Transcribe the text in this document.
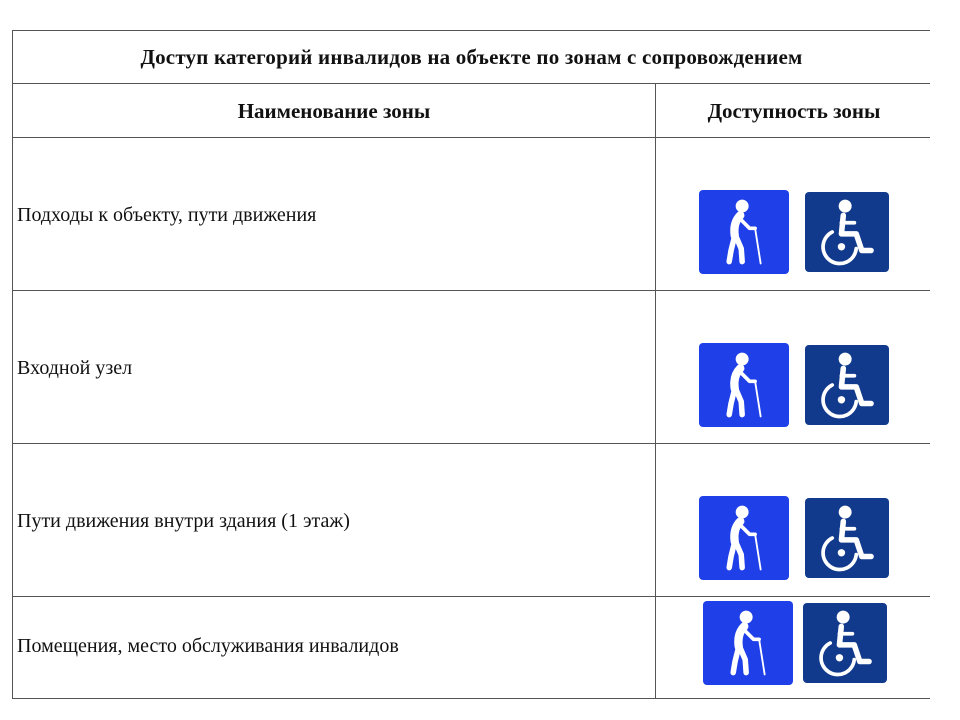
Доступ категорий инвалидов на объекте по зонам с сопровождением
Наименование зоны	Доступность зоны
Подходы к объекту, пути движения
Входной узел
Пути движения внутри здания (1 этаж)
Помещения, место обслуживания инвалидов
